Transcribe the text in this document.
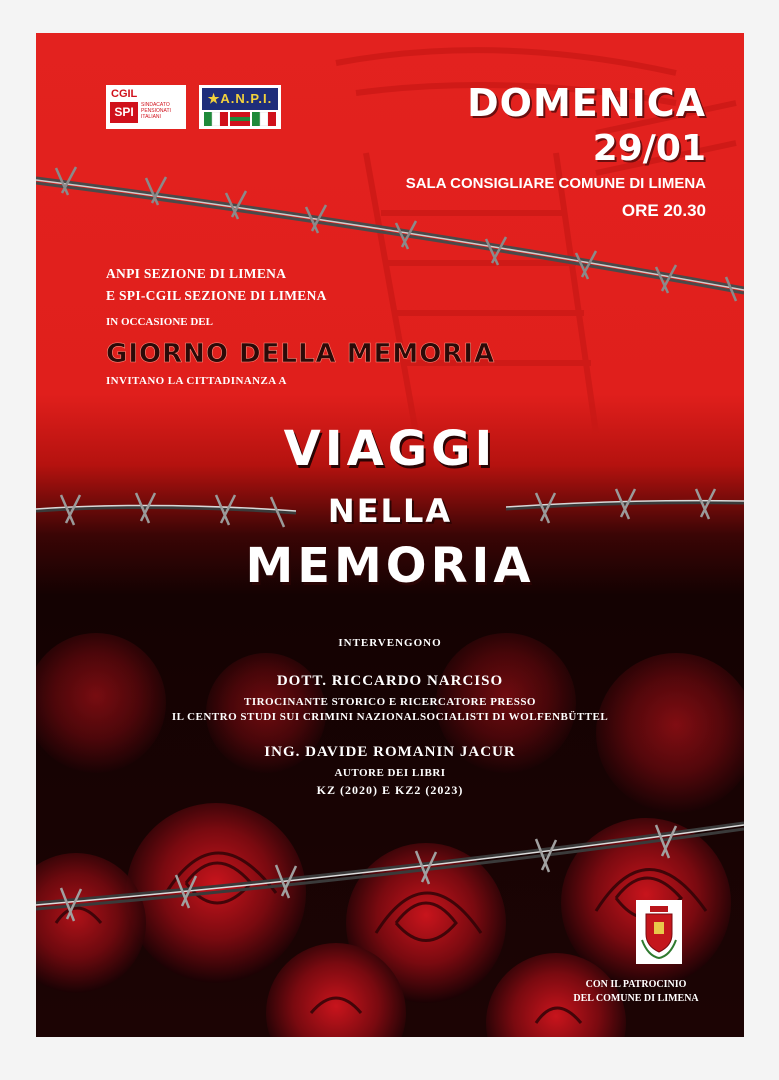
CGIL
SPI	SINDACATO PENSIONATI ITALIANI
★A.N.P.I.	DOMENICA
29/01
SALA CONSIGLIARE COMUNE DI LIMENA
ORE 20.30
ANPI SEZIONE DI LIMENA
E SPI-CGIL SEZIONE DI LIMENA
IN OCCASIONE DEL
GIORNO DELLA MEMORIA
INVITANO LA CITTADINANZA A
VIAGGI
NELLA
MEMORIA
INTERVENGONO
DOTT. RICCARDO NARCISO
TIROCINANTE STORICO E RICERCATORE PRESSO
IL CENTRO STUDI SUI CRIMINI NAZIONALSOCIALISTI DI WOLFENBÜTTEL
ING. DAVIDE ROMANIN JACUR
AUTORE DEI LIBRI
KZ (2020) E KZ2 (2023)
CON IL PATROCINIO
DEL COMUNE DI LIMENA
